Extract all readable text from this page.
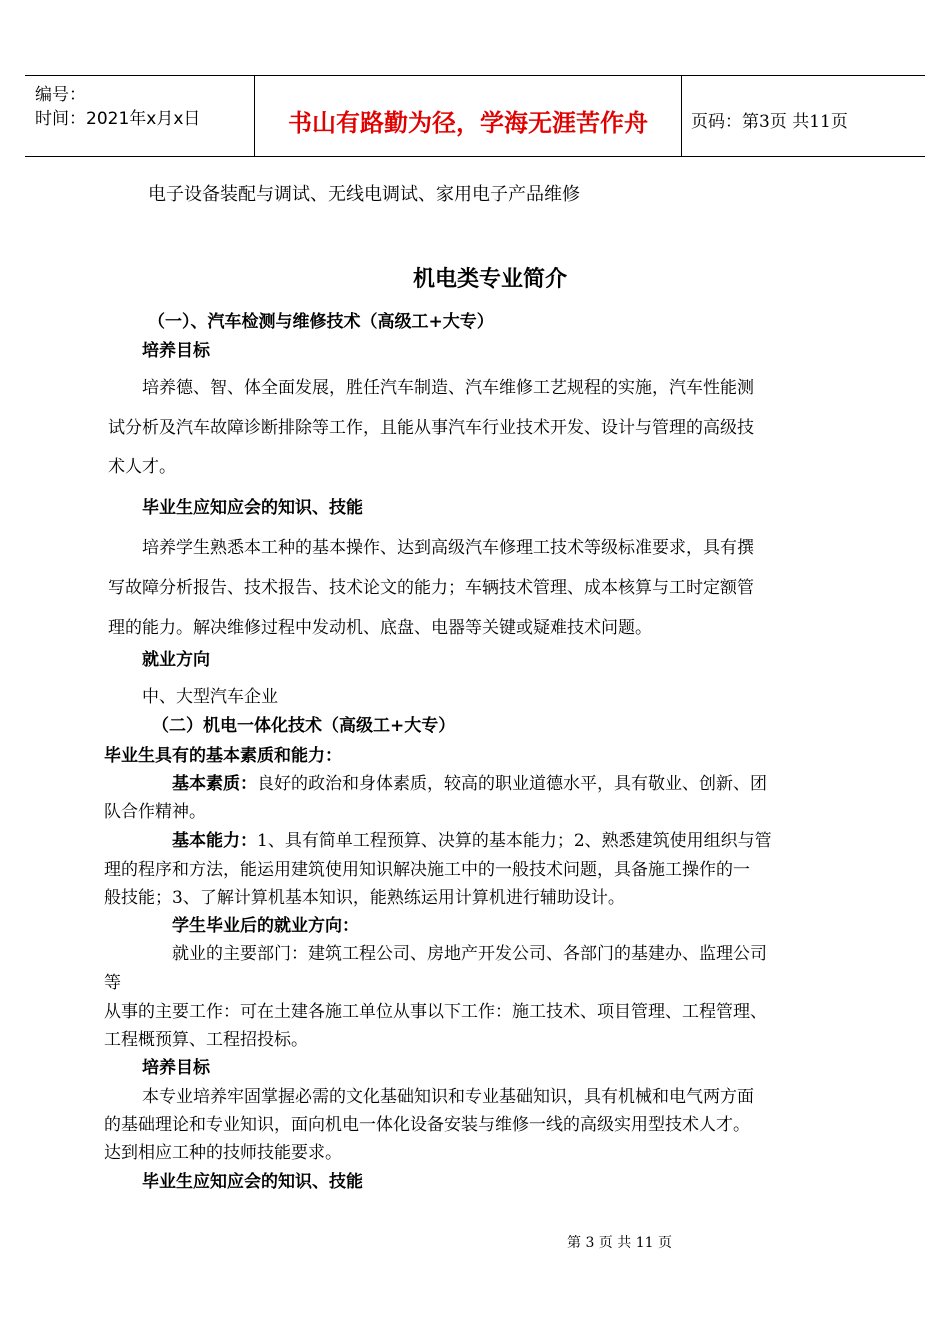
编号：
时间：2021年x月x日	书山有路勤为径，学海无涯苦作舟	页码：第3页 共11页
电子设备装配与调试、无线电调试、家用电子产品维修
机电类专业简介
（一）、汽车检测与维修技术（高级工+大专）
培养目标
培养德、智、体全面发展，胜任汽车制造、汽车维修工艺规程的实施，汽车性能测
试分析及汽车故障诊断排除等工作，且能从事汽车行业技术开发、设计与管理的高级技
术人才。
毕业生应知应会的知识、技能
培养学生熟悉本工种的基本操作、达到高级汽车修理工技术等级标准要求，具有撰
写故障分析报告、技术报告、技术论文的能力；车辆技术管理、成本核算与工时定额管
理的能力。解决维修过程中发动机、底盘、电器等关键或疑难技术问题。
就业方向
中、大型汽车企业
（二）机电一体化技术（高级工+大专）
毕业生具有的基本素质和能力：
基本素质： 良好的政治和身体素质，较高的职业道德水平，具有敬业、创新、团
队合作精神。
基本能力： 1、具有简单工程预算、决算的基本能力；2、熟悉建筑使用组织与管
理的程序和方法，能运用建筑使用知识解决施工中的一般技术问题，具备施工操作的一
般技能；3、了解计算机基本知识，能熟练运用计算机进行辅助设计。
学生毕业后的就业方向：
就业的主要部门：建筑工程公司、房地产开发公司、各部门的基建办、监理公司
等
从事的主要工作：可在土建各施工单位从事以下工作：施工技术、项目管理、工程管理、
工程概预算、工程招投标。
培养目标
本专业培养牢固掌握必需的文化基础知识和专业基础知识，具有机械和电气两方面
的基础理论和专业知识，面向机电一体化设备安装与维修一线的高级实用型技术人才。
达到相应工种的技师技能要求。
毕业生应知应会的知识、技能
第 3 页 共 11 页
